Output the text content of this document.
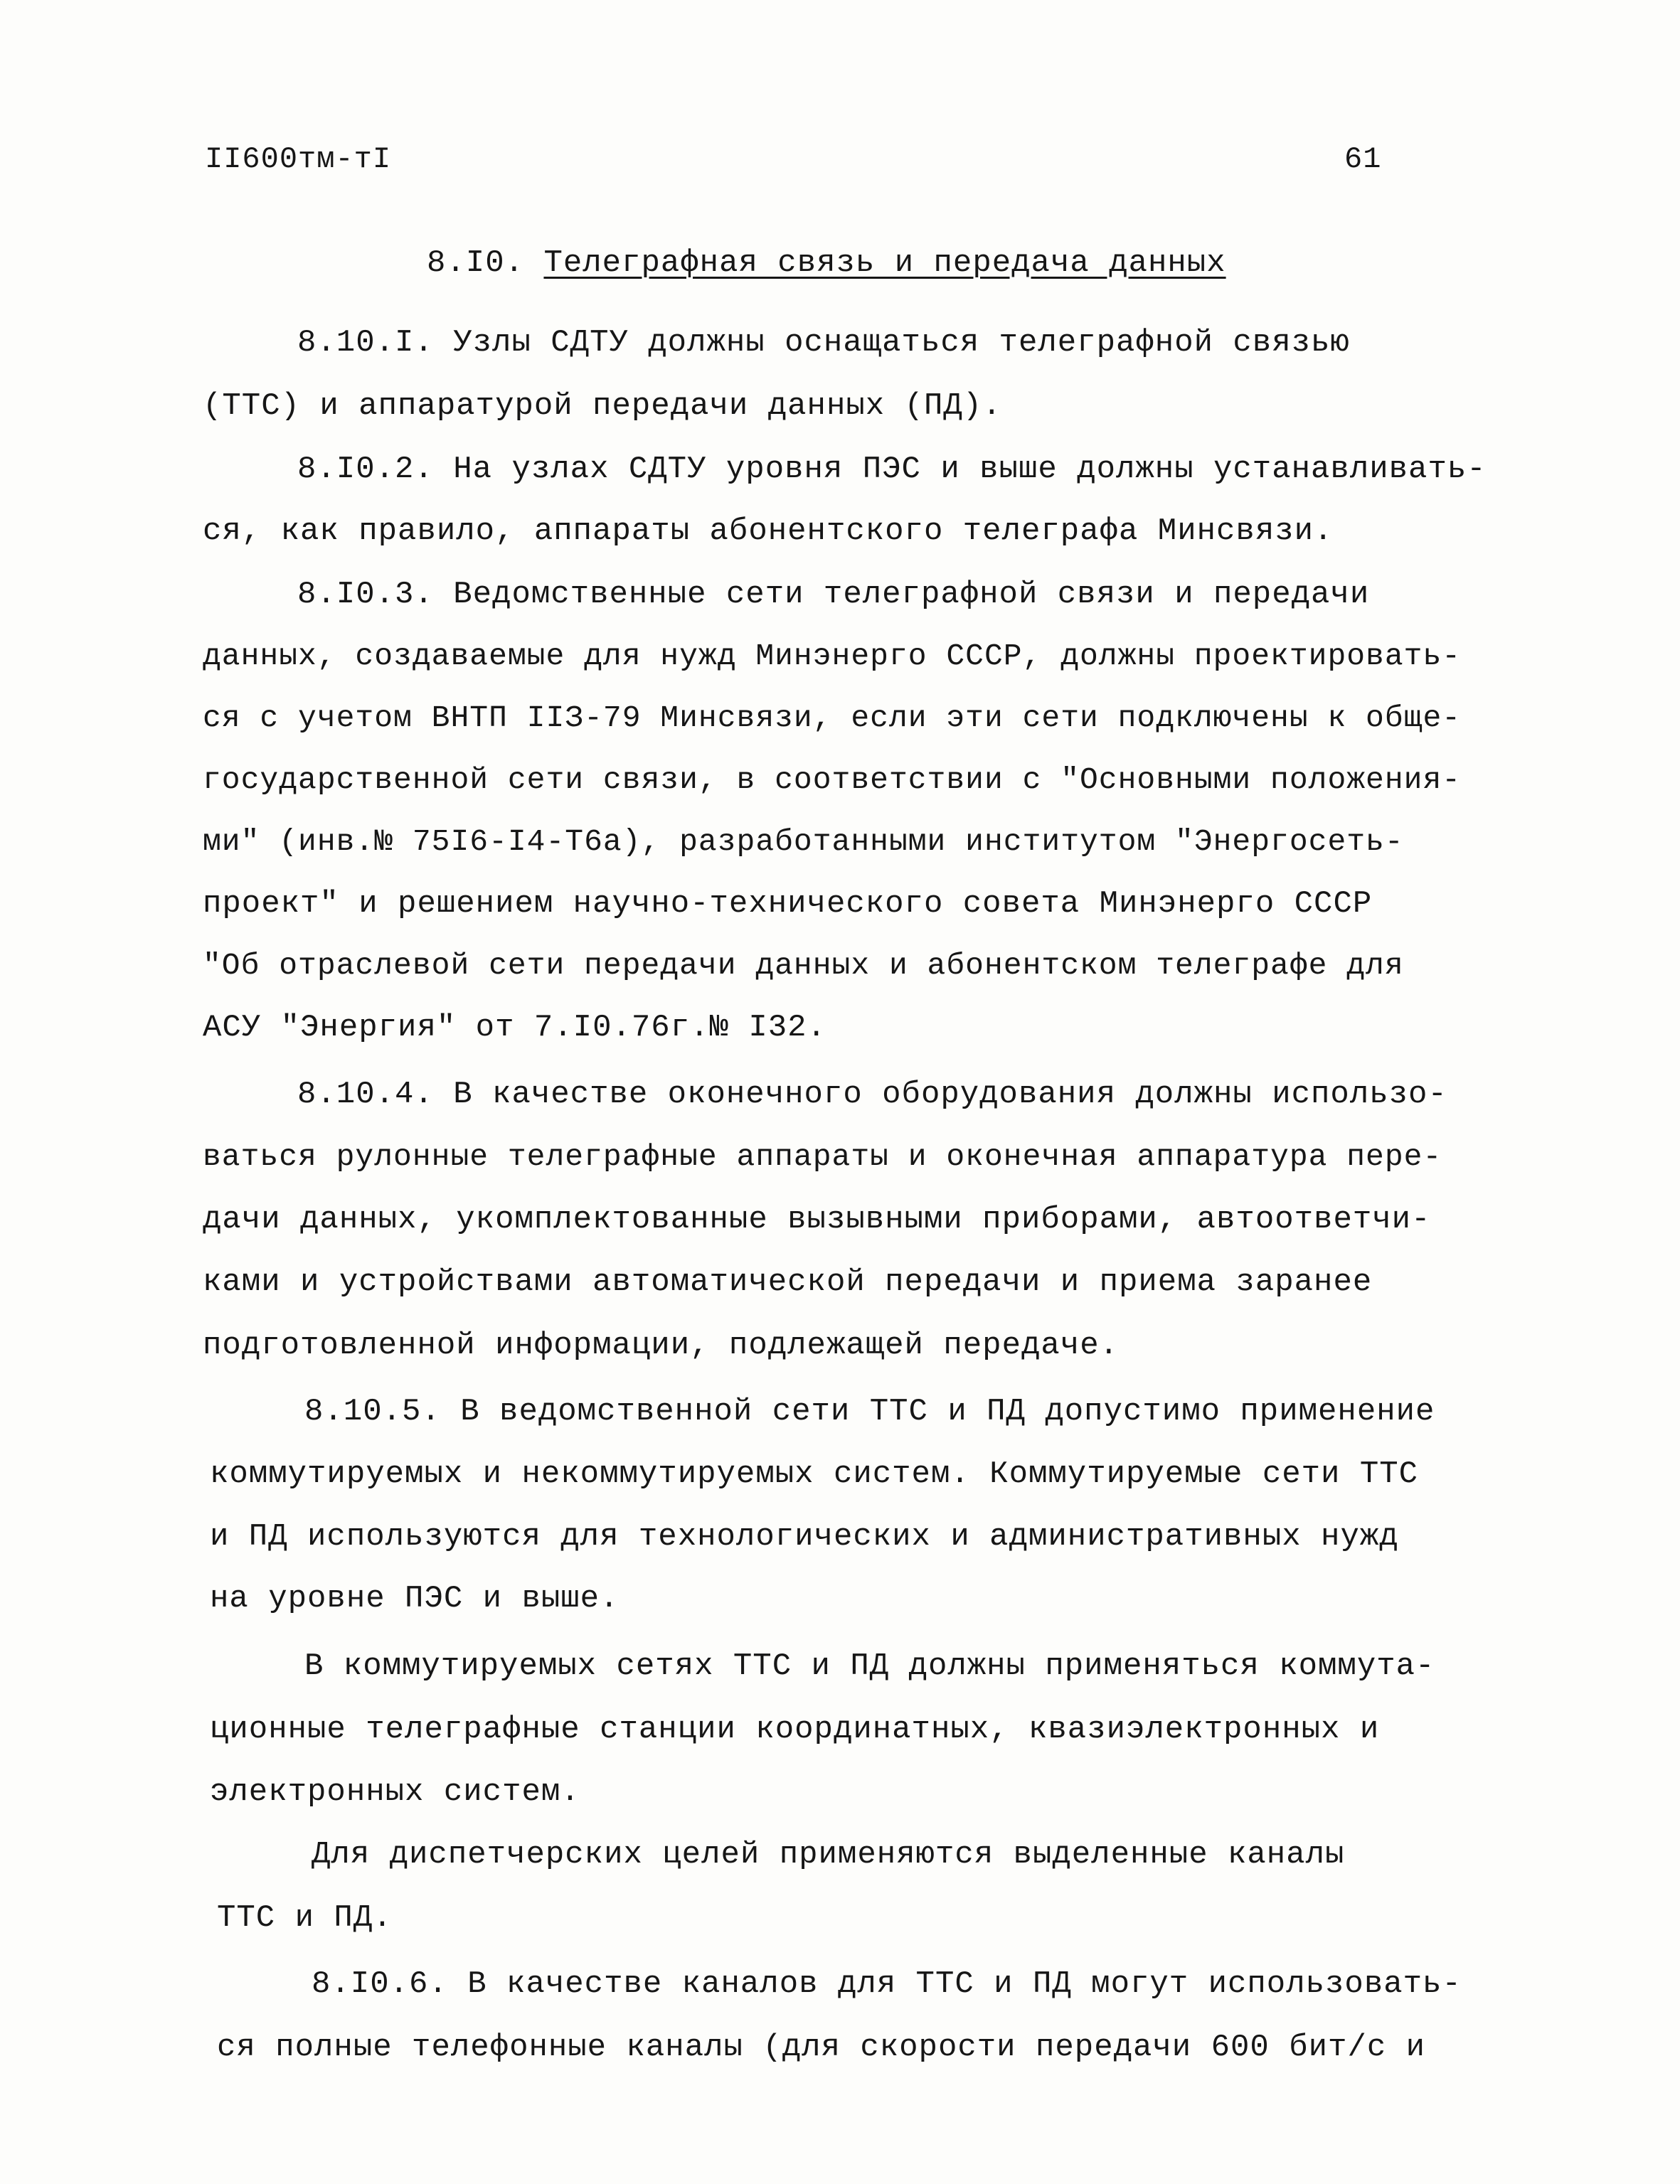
II600тм-тI	61
8.I0. Телеграфная связь и передача данных
8.10.I. Узлы СДТУ должны оснащаться телеграфной связью
(ТТС) и аппаратурой передачи данных (ПД).
8.I0.2. На узлах СДТУ уровня ПЭС и выше должны устанавливать-
ся, как правило, аппараты абонентского телеграфа Минсвязи.
8.I0.3. Ведомственные сети телеграфной связи и передачи
данных, создаваемые для нужд Минэнерго СССР, должны проектировать-
ся с учетом ВНТП IIЗ-79 Минсвязи, если эти сети подключены к обще-
государственной сети связи, в соответствии с "Основными положения-
ми" (инв.№ 75I6-I4-Т6а), разработанными институтом "Энергосеть-
проект" и решением научно-технического совета Минэнерго СССР
"Об отраслевой сети передачи данных и абонентском телеграфе для
АСУ "Энергия" от 7.I0.76г.№ I32.
8.10.4. В качестве оконечного оборудования должны использо-
ваться рулонные телеграфные аппараты и оконечная аппаратура пере-
дачи данных, укомплектованные вызывными приборами, автоответчи-
ками и устройствами автоматической передачи и приема заранее
подготовленной информации, подлежащей передаче.
8.10.5. В ведомственной сети ТТС и ПД допустимо применение
коммутируемых и некоммутируемых систем. Коммутируемые сети ТТС
и ПД используются для технологических и административных нужд
на уровне ПЭС и выше.
В коммутируемых сетях ТТС и ПД должны применяться коммута-
ционные телеграфные станции координатных, квазиэлектронных и
электронных систем.
Для диспетчерских целей применяются выделенные каналы
ТТС и ПД.
8.I0.6. В качестве каналов для ТТС и ПД могут использовать-
ся полные телефонные каналы (для скорости передачи 600 бит/с и
